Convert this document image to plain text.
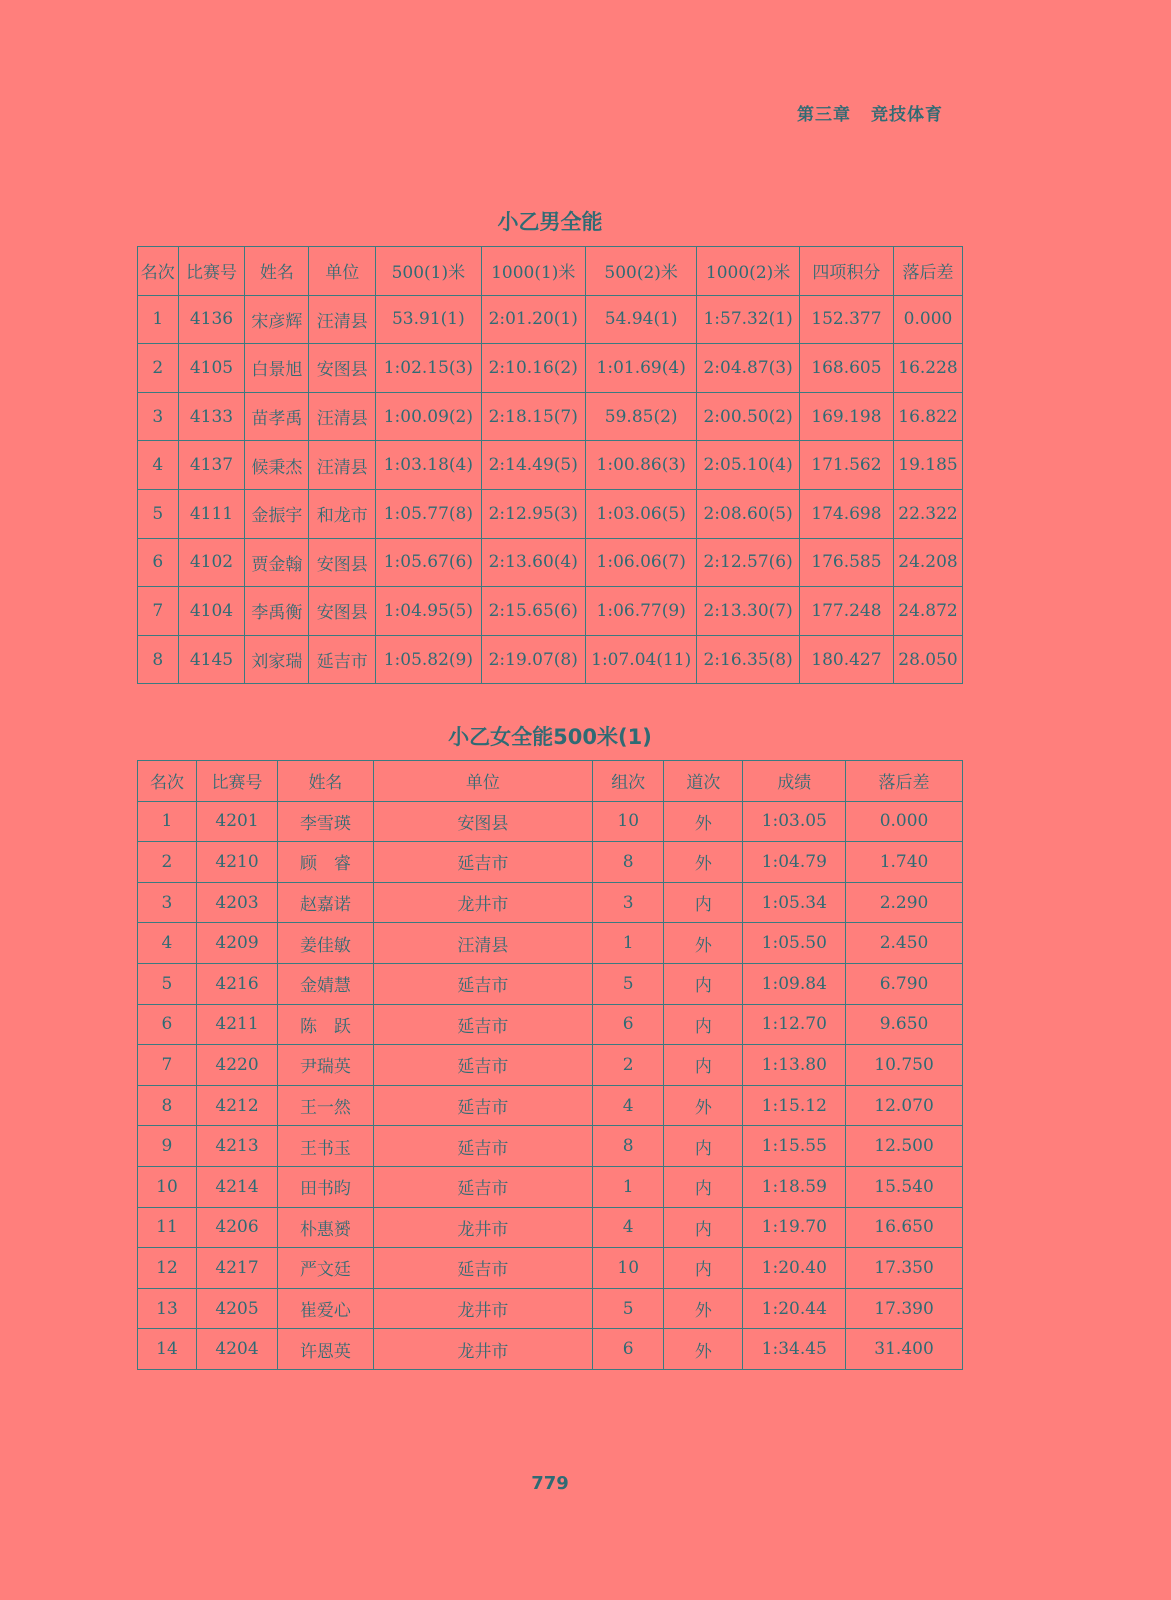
第三章 竞技体育
小乙男全能
名次	比赛号	姓名	单位	500(1)米	1000(1)米	500(2)米	1000(2)米	四项积分	落后差
1	4136	宋彦辉	汪清县	53.91(1)	2:01.20(1)	54.94(1)	1:57.32(1)	152.377	0.000
2	4105	白景旭	安图县	1:02.15(3)	2:10.16(2)	1:01.69(4)	2:04.87(3)	168.605	16.228
3	4133	苗孝禹	汪清县	1:00.09(2)	2:18.15(7)	59.85(2)	2:00.50(2)	169.198	16.822
4	4137	候秉杰	汪清县	1:03.18(4)	2:14.49(5)	1:00.86(3)	2:05.10(4)	171.562	19.185
5	4111	金振宇	和龙市	1:05.77(8)	2:12.95(3)	1:03.06(5)	2:08.60(5)	174.698	22.322
6	4102	贾金翰	安图县	1:05.67(6)	2:13.60(4)	1:06.06(7)	2:12.57(6)	176.585	24.208
7	4104	李禹衡	安图县	1:04.95(5)	2:15.65(6)	1:06.77(9)	2:13.30(7)	177.248	24.872
8	4145	刘家瑞	延吉市	1:05.82(9)	2:19.07(8)	1:07.04(11)	2:16.35(8)	180.427	28.050
小乙女全能500米(1)
名次	比赛号	姓名	单位	组次	道次	成绩	落后差
1	4201	李雪瑛	安图县	10	外	1:03.05	0.000
2	4210	顾　睿	延吉市	8	外	1:04.79	1.740
3	4203	赵嘉诺	龙井市	3	内	1:05.34	2.290
4	4209	姜佳敏	汪清县	1	外	1:05.50	2.450
5	4216	金婧慧	延吉市	5	内	1:09.84	6.790
6	4211	陈　跃	延吉市	6	内	1:12.70	9.650
7	4220	尹瑞英	延吉市	2	内	1:13.80	10.750
8	4212	王一然	延吉市	4	外	1:15.12	12.070
9	4213	王书玉	延吉市	8	内	1:15.55	12.500
10	4214	田书昀	延吉市	1	内	1:18.59	15.540
11	4206	朴惠赟	龙井市	4	内	1:19.70	16.650
12	4217	严文廷	延吉市	10	内	1:20.40	17.350
13	4205	崔爱心	龙井市	5	外	1:20.44	17.390
14	4204	许恩英	龙井市	6	外	1:34.45	31.400
779
